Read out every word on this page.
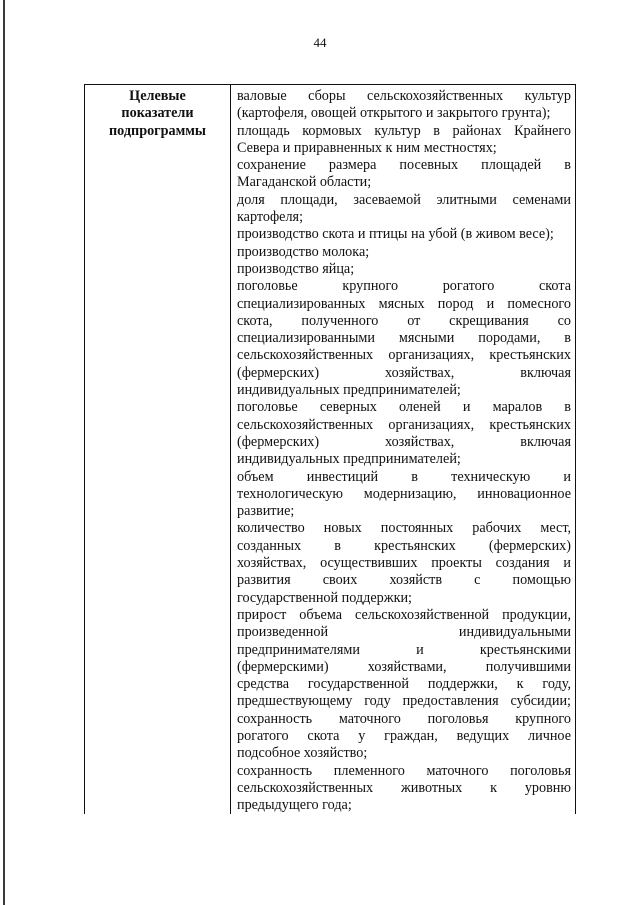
44
Целевые
показатели
подпрограммы
валовые сборы сельскохозяйственных культур
(картофеля, овощей открытого и закрытого грунта);
площадь кормовых культур в районах Крайнего
Севера и приравненных к ним местностях;
сохранение размера посевных площадей в
Магаданской области;
доля площади, засеваемой элитными семенами
картофеля;
производство скота и птицы на убой (в живом весе);
производство молока;
производство яйца;
поголовье крупного рогатого скота
специализированных мясных пород и помесного
скота, полученного от скрещивания со
специализированными мясными породами, в
сельскохозяйственных организациях, крестьянских
(фермерских) хозяйствах, включая
индивидуальных предпринимателей;
поголовье северных оленей и маралов в
сельскохозяйственных организациях, крестьянских
(фермерских) хозяйствах, включая
индивидуальных предпринимателей;
объем инвестиций в техническую и
технологическую модернизацию, инновационное
развитие;
количество новых постоянных рабочих мест,
созданных в крестьянских (фермерских)
хозяйствах, осуществивших проекты создания и
развития своих хозяйств с помощью
государственной поддержки;
прирост объема сельскохозяйственной продукции,
произведенной индивидуальными
предпринимателями и крестьянскими
(фермерскими) хозяйствами, получившими
средства государственной поддержки, к году,
предшествующему году предоставления субсидии;
сохранность маточного поголовья крупного
рогатого скота у граждан, ведущих личное
подсобное хозяйство;
сохранность племенного маточного поголовья
сельскохозяйственных животных к уровню
предыдущего года;
